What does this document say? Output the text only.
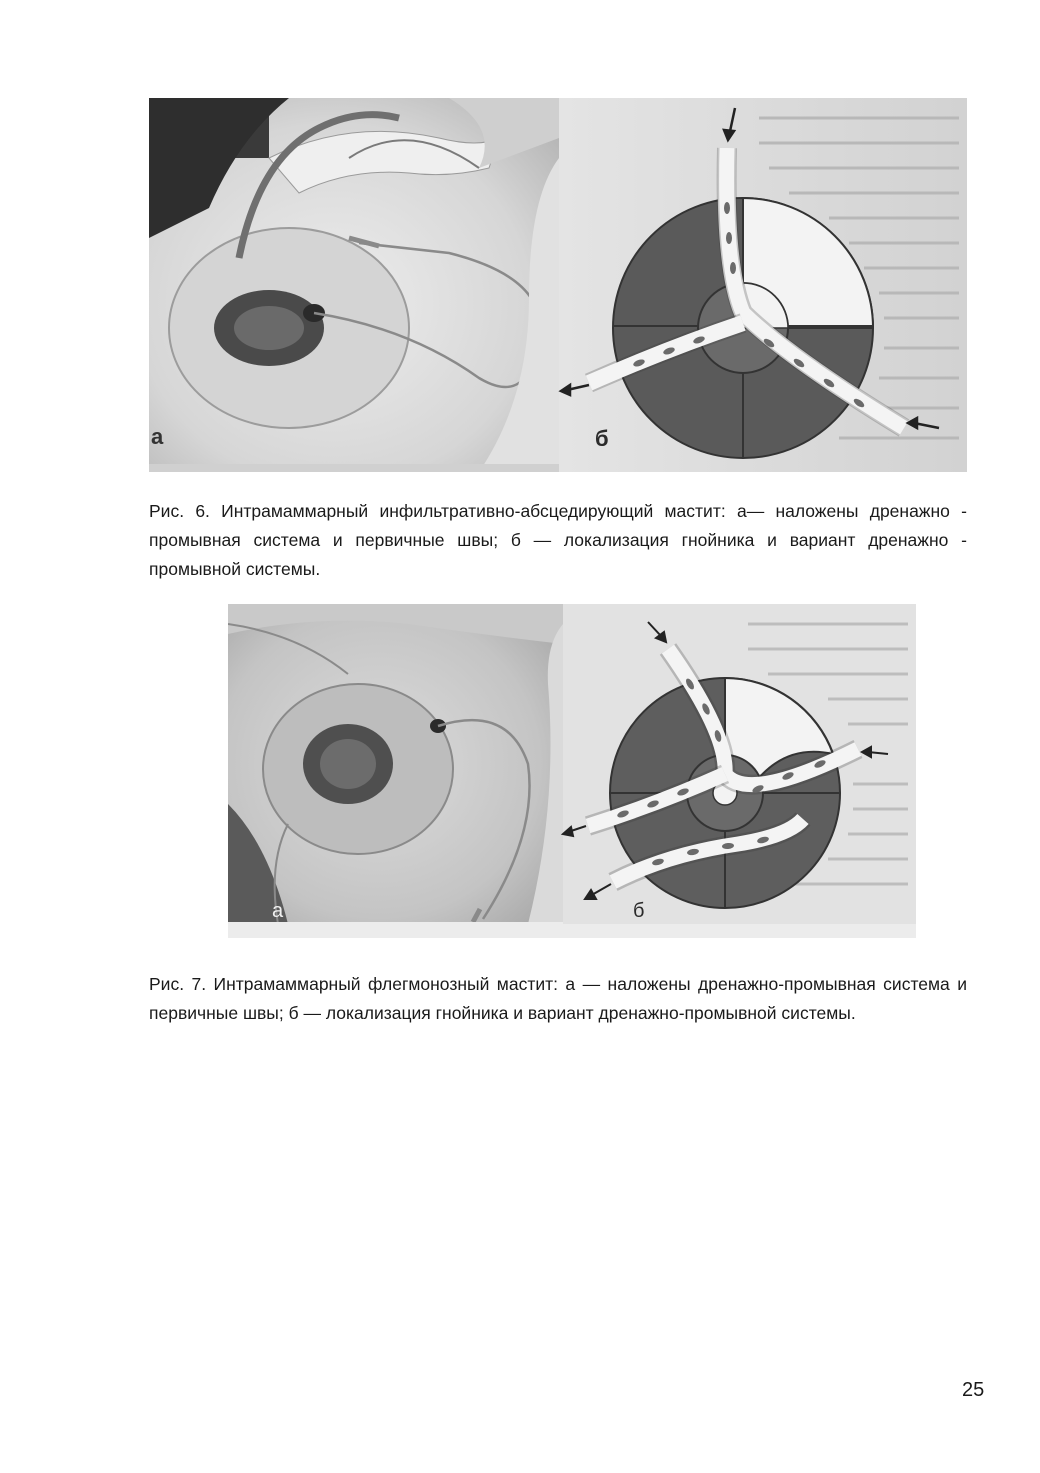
а	б

Рис. 6. Интрамаммарный инфильтративно-абсцедирующий мастит: а— наложены дренажно - промывная система и первичные швы; б — локализация гнойника и вариант дренажно - промывной системы.

а	б

Рис. 7. Интрамаммарный флегмонозный мастит: а — наложены дренажно-промывная система и первичные швы; б — локализация гнойника и вариант дренажно-промывной системы.

25
